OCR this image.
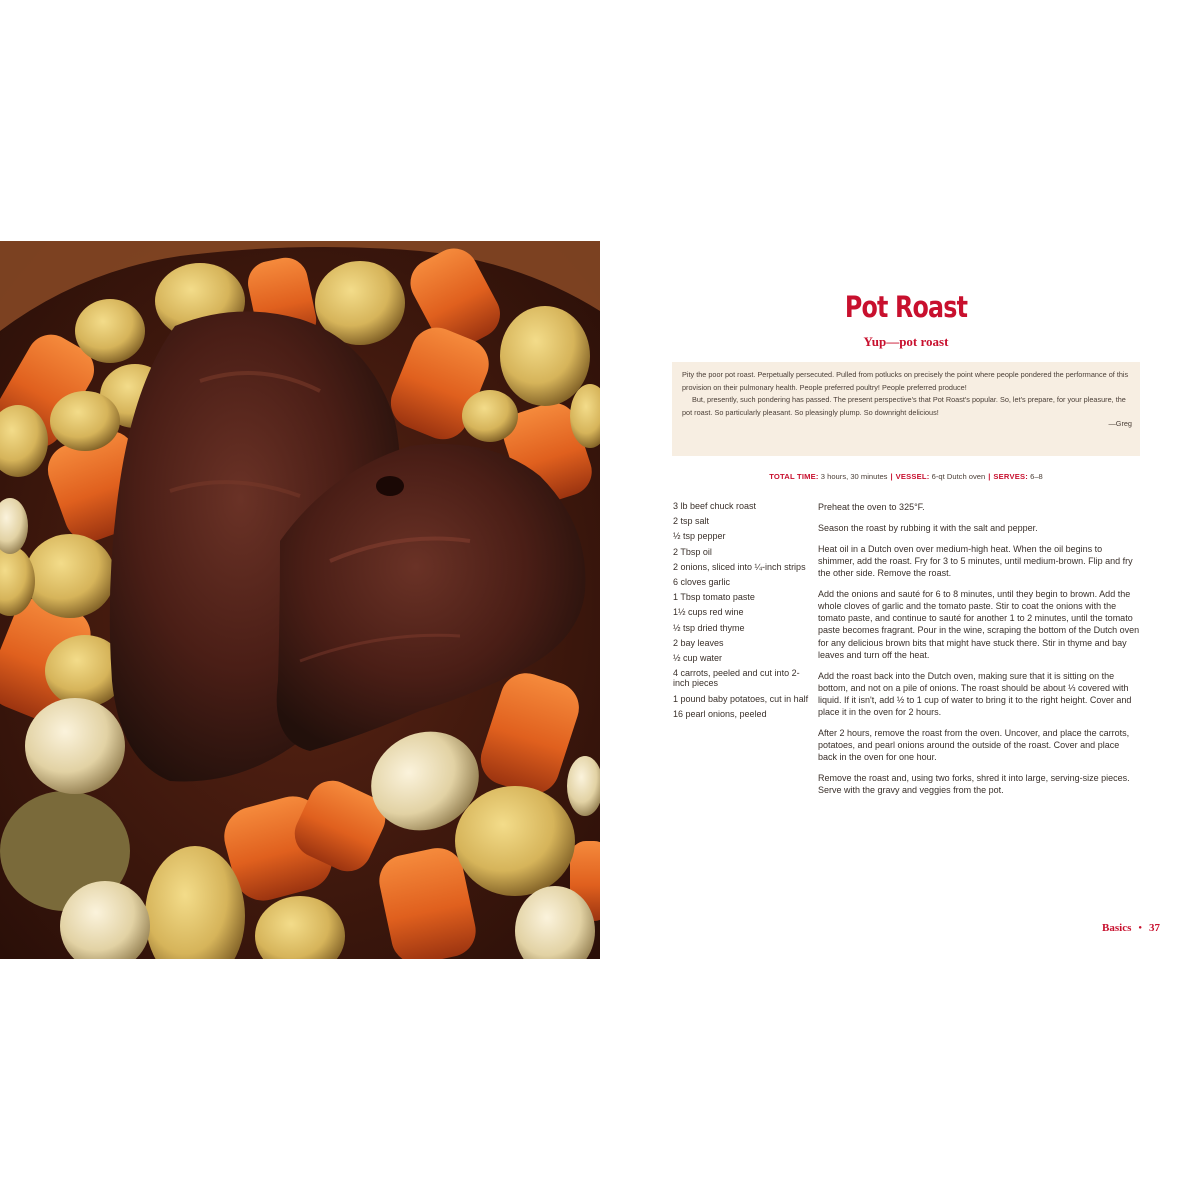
Pot Roast
Yup—pot roast

Pity the poor pot roast. Perpetually persecuted. Pulled from potlucks on precisely the point where people pondered the performance of this provision on their pulmonary health. People preferred poultry! People preferred produce!

But, presently, such pondering has passed. The present perspective's that Pot Roast's popular. So, let's prepare, for your pleasure, the pot roast. So particularly pleasant. So pleasingly plump. So downright delicious!

—Greg
TOTAL TIME: 3 hours, 30 minutes | VESSEL: 6-qt Dutch oven | SERVES: 6–8
3 lb beef chuck roast
2 tsp salt
½ tsp pepper
2 Tbsp oil
2 onions, sliced into ¼-inch strips
6 cloves garlic
1 Tbsp tomato paste
1½ cups red wine
½ tsp dried thyme
2 bay leaves
½ cup water
4 carrots, peeled and cut into 2-inch pieces
1 pound baby potatoes, cut in half
16 pearl onions, peeled

Preheat the oven to 325°F.

Season the roast by rubbing it with the salt and pepper.

Heat oil in a Dutch oven over medium-high heat. When the oil begins to shimmer, add the roast. Fry for 3 to 5 minutes, until medium-brown. Flip and fry the other side. Remove the roast.

Add the onions and sauté for 6 to 8 minutes, until they begin to brown. Add the whole cloves of garlic and the tomato paste. Stir to coat the onions with the tomato paste, and continue to sauté for another 1 to 2 minutes, until the tomato paste becomes fragrant. Pour in the wine, scraping the bottom of the Dutch oven for any delicious brown bits that might have stuck there. Stir in thyme and bay leaves and turn off the heat.

Add the roast back into the Dutch oven, making sure that it is sitting on the bottom, and not on a pile of onions. The roast should be about ⅓ covered with liquid. If it isn't, add ½ to 1 cup of water to bring it to the right height. Cover and place it in the oven for 2 hours.

After 2 hours, remove the roast from the oven. Uncover, and place the carrots, potatoes, and pearl onions around the outside of the roast. Cover and place back in the oven for one hour.

Remove the roast and, using two forks, shred it into large, serving-size pieces. Serve with the gravy and veggies from the pot.

Basics ● 37
